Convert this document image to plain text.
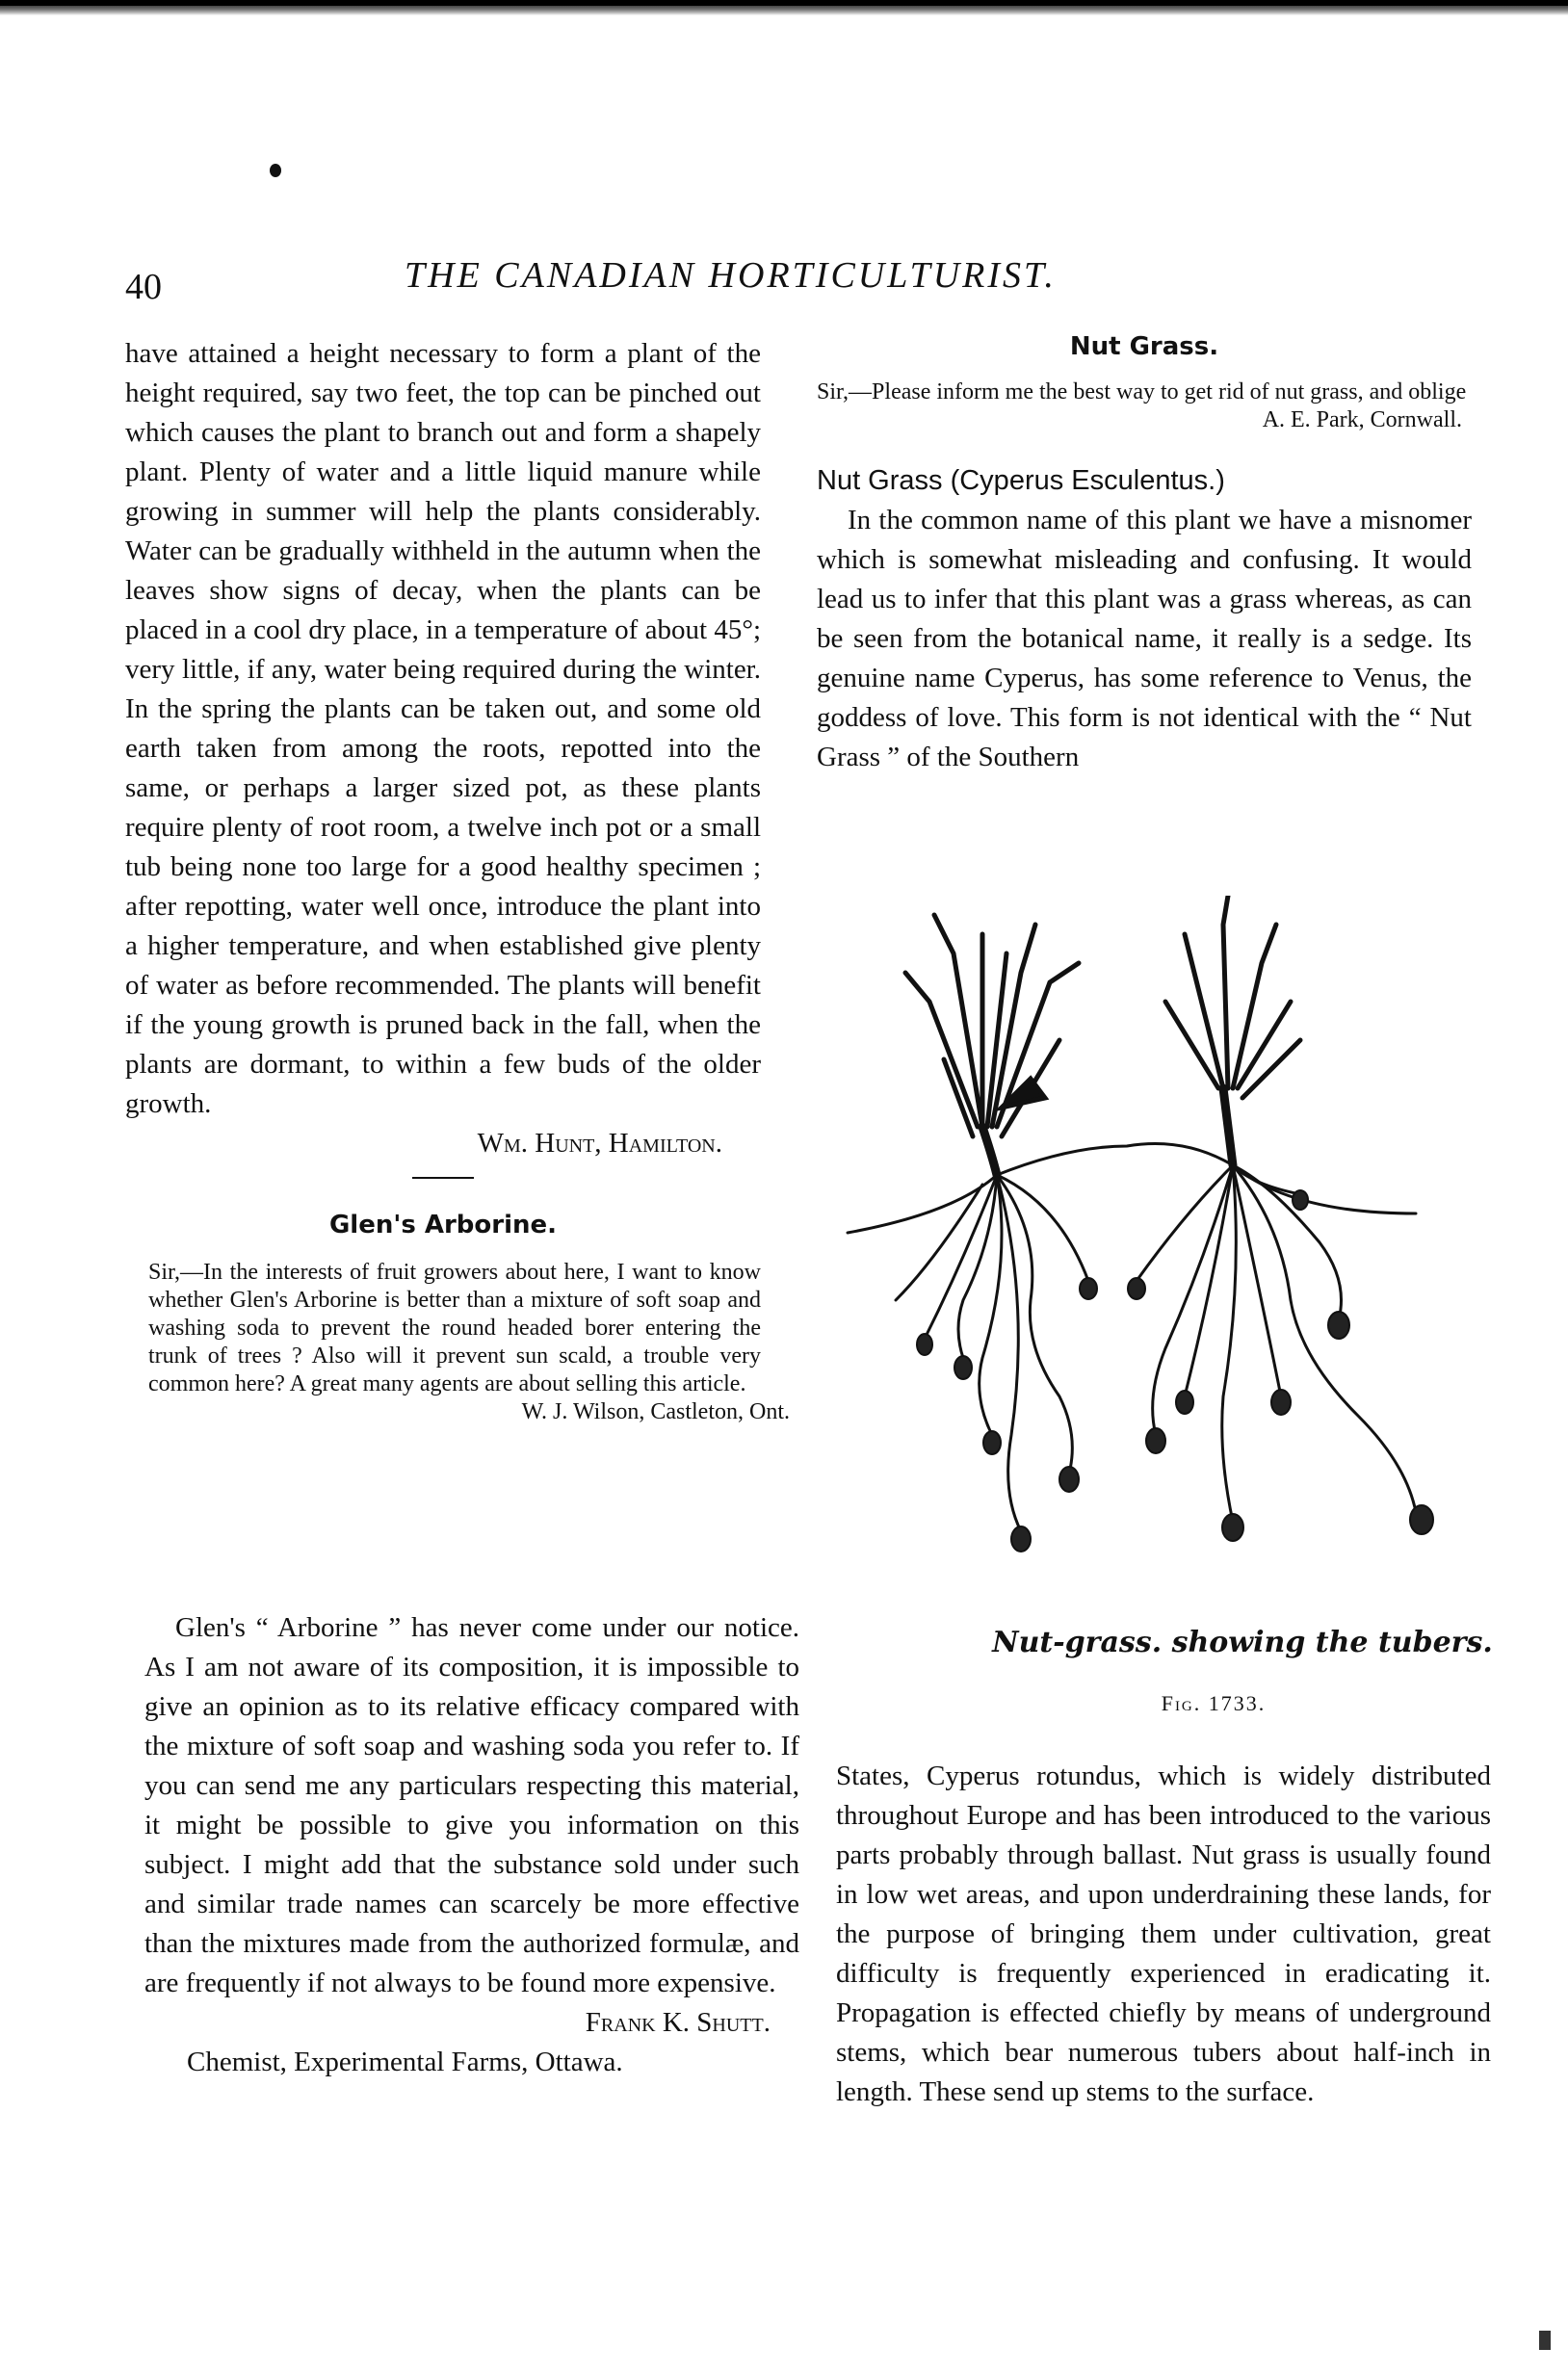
40	THE CANADIAN HORTICULTURIST.

have attained a height necessary to form a plant of the height required, say two feet, the top can be pinched out which causes the plant to branch out and form a shapely plant. Plenty of water and a little liquid manure while growing in summer will help the plants considerably. Water can be gradually withheld in the autumn when the leaves show signs of decay, when the plants can be placed in a cool dry place, in a temperature of about 45°; very little, if any, water being required during the winter. In the spring the plants can be taken out, and some old earth taken from among the roots, repotted into the same, or perhaps a larger sized pot, as these plants require plenty of root room, a twelve inch pot or a small tub being none too large for a good healthy specimen ; after repotting, water well once, introduce the plant into a higher temperature, and when established give plenty of water as before recommended. The plants will benefit if the young growth is pruned back in the fall, when the plants are dormant, to within a few buds of the older growth.

Wm. Hunt, Hamilton.
Glen's Arborine.
Sir,—In the interests of fruit growers about here, I want to know whether Glen's Arborine is better than a mixture of soft soap and washing soda to prevent the round headed borer entering the trunk of trees ? Also will it prevent sun scald, a trouble very common here? A great many agents are about selling this article.
W. J. Wilson, Castleton, Ont.

Glen's “ Arborine ” has never come under our notice. As I am not aware of its composition, it is impossible to give an opinion as to its relative efficacy compared with the mixture of soft soap and washing soda you refer to. If you can send me any particulars respecting this material, it might be possible to give you information on this subject. I might add that the substance sold under such and similar trade names can scarcely be more effective than the mixtures made from the authorized formulæ, and are frequently if not always to be found more expensive.

Frank K. Shutt.
Chemist, Experimental Farms, Ottawa.
Nut Grass.
Sir,—Please inform me the best way to get rid of nut grass, and oblige
A. E. Park, Cornwall.
Nut Grass (Cyperus Esculentus.)

In the common name of this plant we have a misnomer which is somewhat misleading and confusing. It would lead us to infer that this plant was a grass whereas, as can be seen from the botanical name, it really is a sedge. Its genuine name Cyperus, has some reference to Venus, the goddess of love. This form is not identical with the “ Nut Grass ” of the Southern

Nut-grass. showing the tubers.
Fig. 1733.

States, Cyperus rotundus, which is widely distributed throughout Europe and has been introduced to the various parts probably through ballast. Nut grass is usually found in low wet areas, and upon underdraining these lands, for the purpose of bringing them under cultivation, great difficulty is frequently experienced in eradicating it. Propagation is effected chiefly by means of underground stems, which bear numerous tubers about half-inch in length. These send up stems to the surface.
